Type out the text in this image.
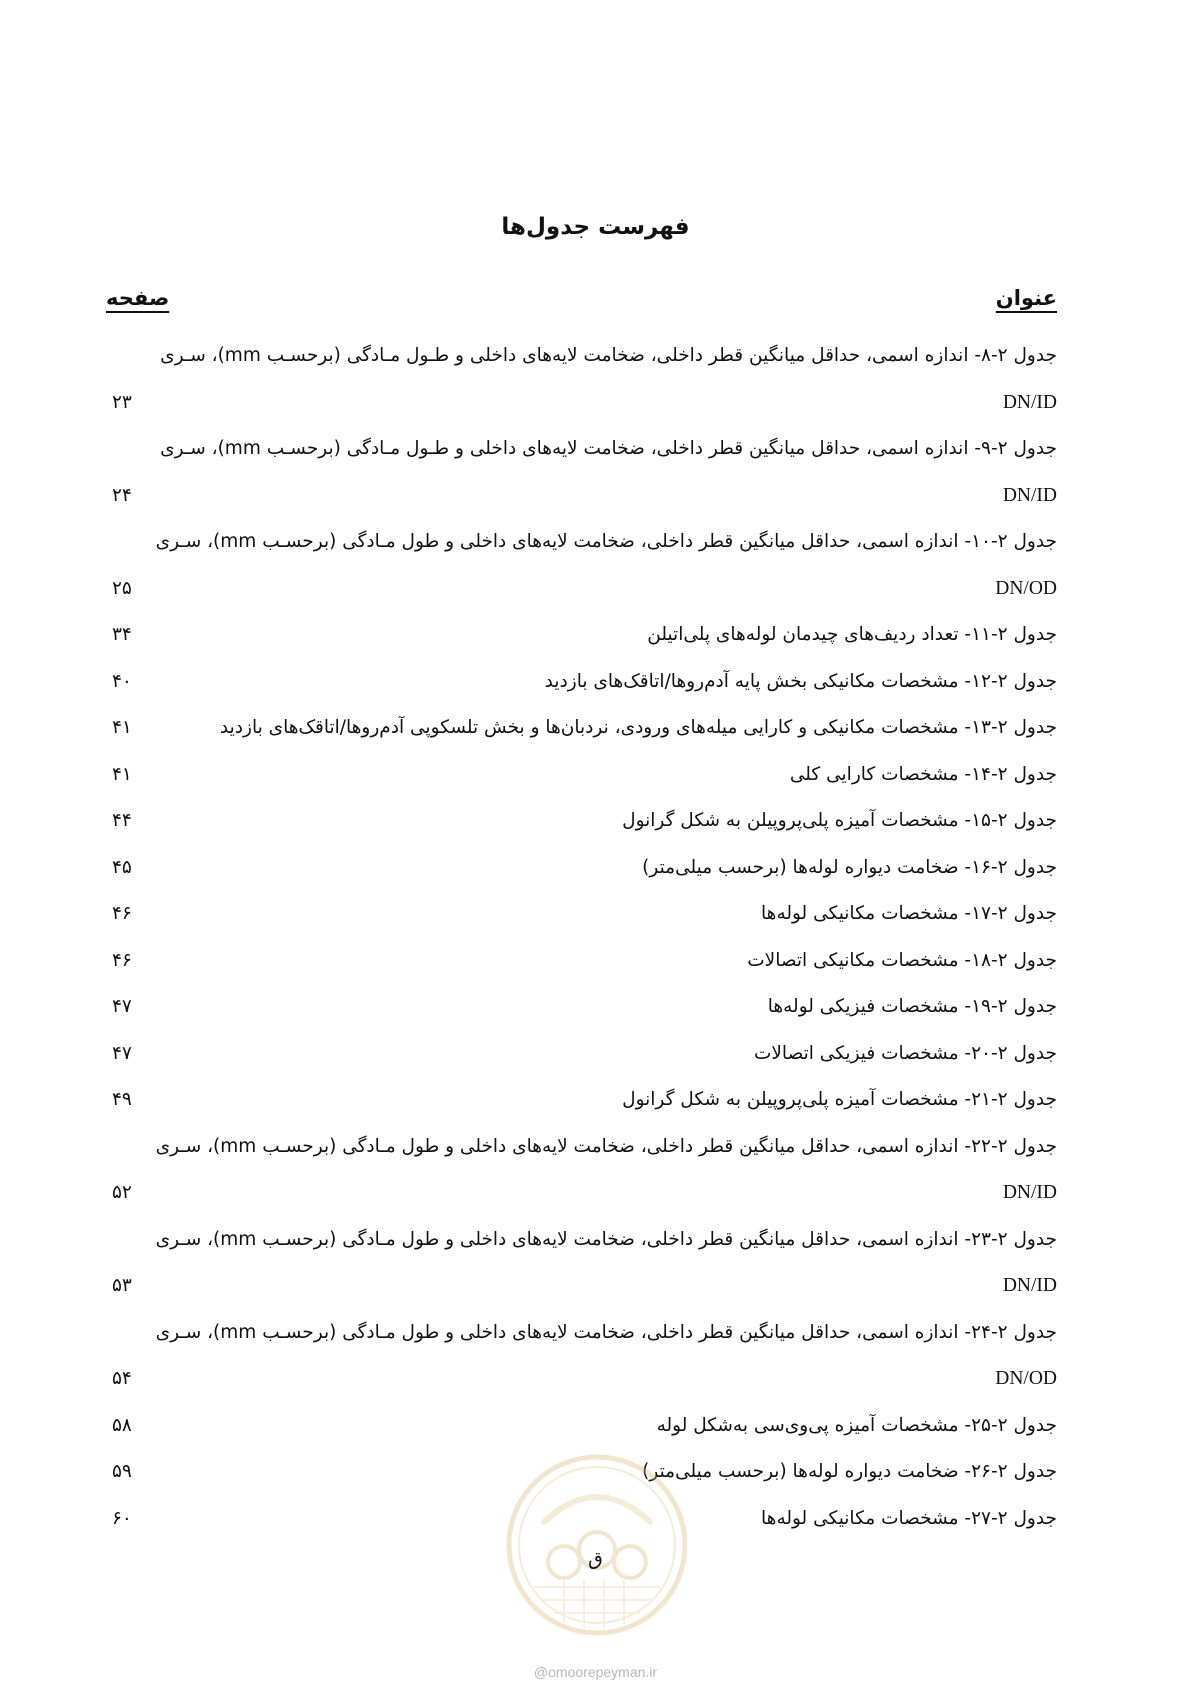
فهرست جدول‌ها
عنوان
صفحه
جدول ۲-۸- اندازه اسمی، حداقل میانگین قطر داخلی، ضخامت لایه‌های داخلی و طـول مـادگی (برحسـب mm)، سـری
DN/ID
۲۳
جدول ۲-۹- اندازه اسمی، حداقل میانگین قطر داخلی، ضخامت لایه‌های داخلی و طـول مـادگی (برحسـب mm)، سـری
DN/ID
۲۴
جدول ۲-۱۰- اندازه اسمی، حداقل میانگین قطر داخلی، ضخامت لایه‌های داخلی و طول مـادگی (برحسـب mm)، سـری
DN/OD
۲۵
جدول ۲-۱۱- تعداد ردیف‌های چیدمان لوله‌های پلی‌اتیلن
۳۴
جدول ۲-۱۲- مشخصات مکانیکی بخش پایه آدم‌روها/اتاقک‌های بازدید
۴۰
جدول ۲-۱۳- مشخصات مکانیکی و کارایی میله‌های ورودی، نردبان‌ها و بخش تلسکوپی آدم‌روها/اتاقک‌های بازدید
۴۱
جدول ۲-۱۴- مشخصات کارایی کلی
۴۱
جدول ۲-۱۵- مشخصات آمیزه پلی‌پروپیلن به شکل گرانول
۴۴
جدول ۲-۱۶- ضخامت دیواره لوله‌ها (برحسب میلی‌متر)
۴۵
جدول ۲-۱۷- مشخصات مکانیکی لوله‌ها
۴۶
جدول ۲-۱۸- مشخصات مکانیکی اتصالات
۴۶
جدول ۲-۱۹- مشخصات فیزیکی لوله‌ها
۴۷
جدول ۲-۲۰- مشخصات فیزیکی اتصالات
۴۷
جدول ۲-۲۱- مشخصات آمیزه پلی‌پروپیلن به شکل گرانول
۴۹
جدول ۲-۲۲- اندازه اسمی، حداقل میانگین قطر داخلی، ضخامت لایه‌های داخلی و طول مـادگی (برحسـب mm)، سـری
DN/ID
۵۲
جدول ۲-۲۳- اندازه اسمی، حداقل میانگین قطر داخلی، ضخامت لایه‌های داخلی و طول مـادگی (برحسـب mm)، سـری
DN/ID
۵۳
جدول ۲-۲۴- اندازه اسمی، حداقل میانگین قطر داخلی، ضخامت لایه‌های داخلی و طول مـادگی (برحسـب mm)، سـری
DN/OD
۵۴
جدول ۲-۲۵- مشخصات آمیزه پی‌وی‌سی به‌شکل لوله
۵۸
جدول ۲-۲۶- ضخامت دیواره لوله‌ها (برحسب میلی‌متر)
۵۹
جدول ۲-۲۷- مشخصات مکانیکی لوله‌ها
۶۰
ق
@omoorepeyman.ir
